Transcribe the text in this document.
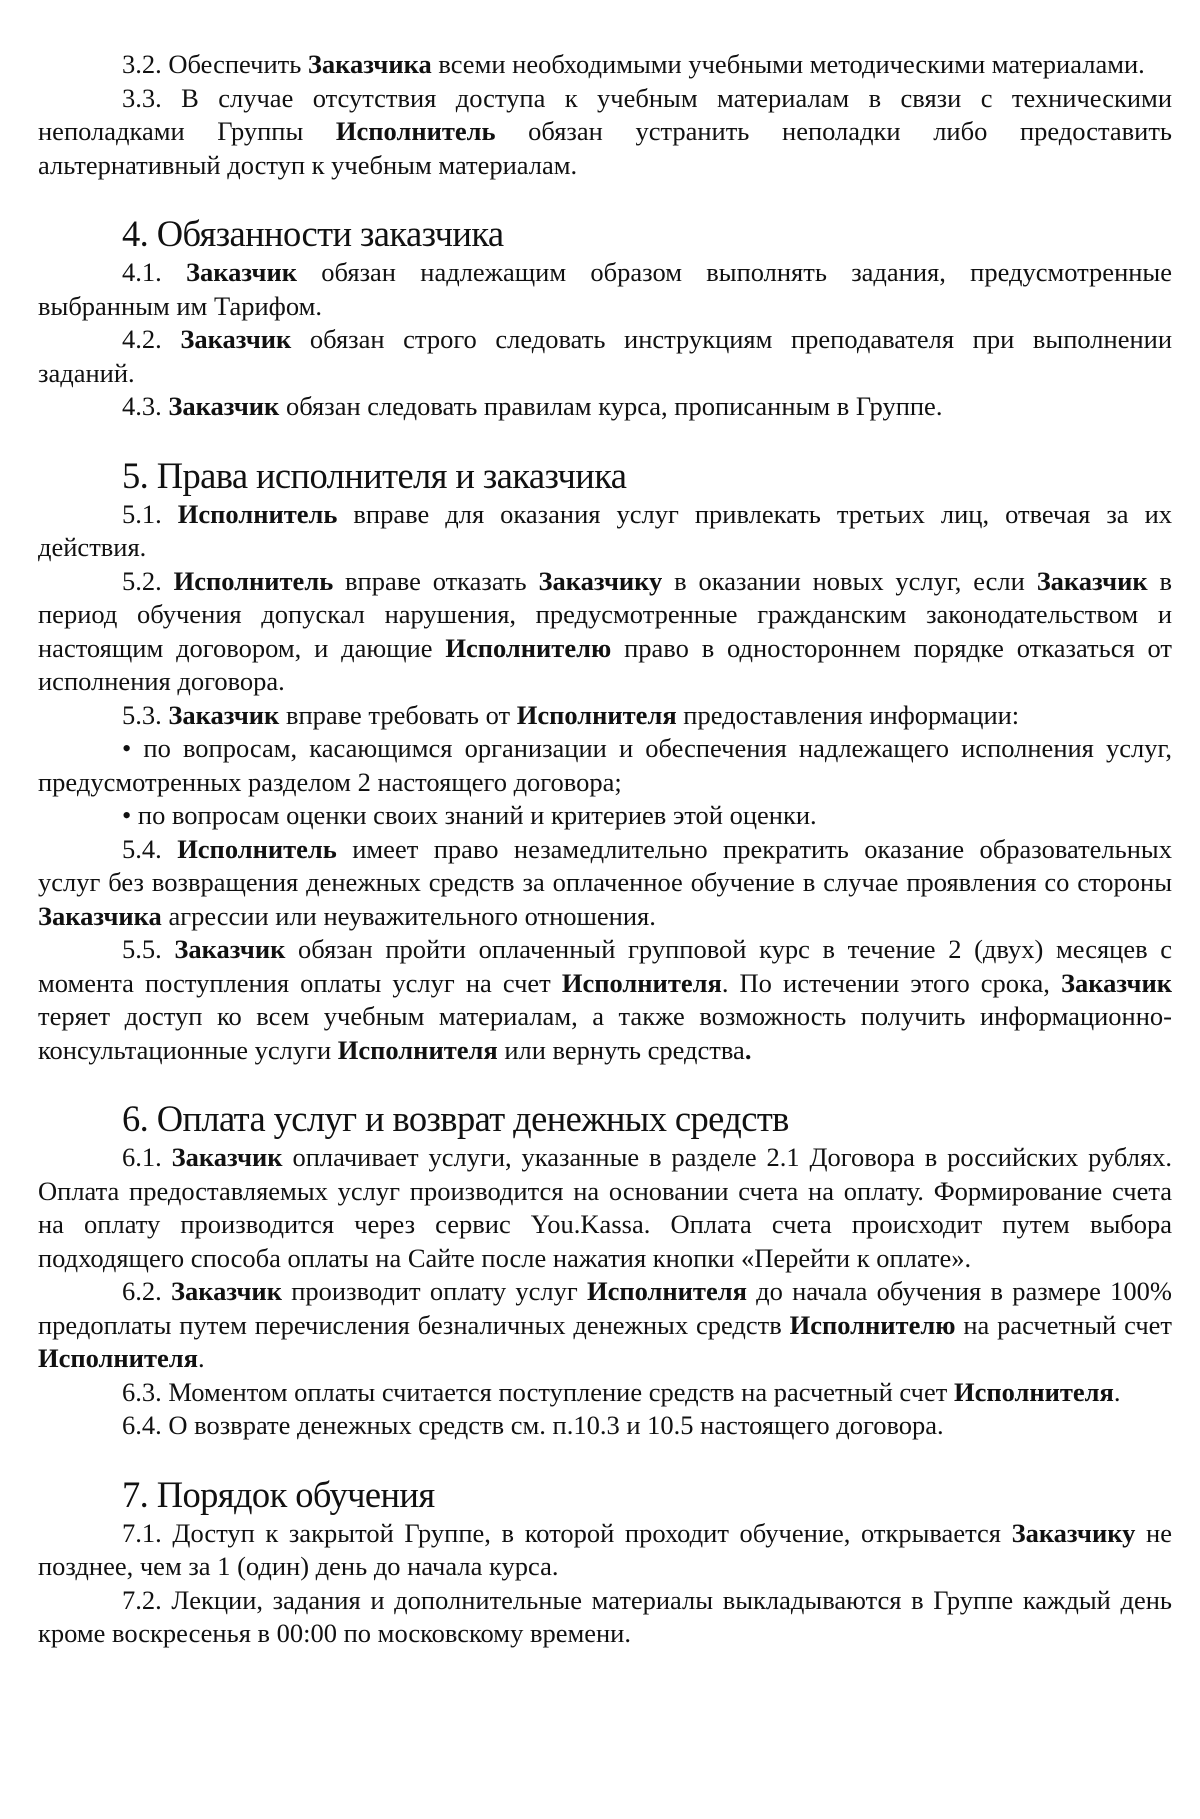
3.2. Обеспечить Заказчика всеми необходимыми учебными методическими материалами.

3.3. В случае отсутствия доступа к учебным материалам в связи с техническими неполадками Группы Исполнитель обязан устранить неполадки либо предоставить альтернативный доступ к учебным материалам.

4. Обязанности заказчика

4.1. Заказчик обязан надлежащим образом выполнять задания, предусмотренные выбранным им Тарифом.

4.2. Заказчик обязан строго следовать инструкциям преподавателя при выполнении заданий.

4.3. Заказчик обязан следовать правилам курса, прописанным в Группе.

5. Права исполнителя и заказчика

5.1. Исполнитель вправе для оказания услуг привлекать третьих лиц, отвечая за их действия.

5.2. Исполнитель вправе отказать Заказчику в оказании новых услуг, если Заказчик в период обучения допускал нарушения, предусмотренные гражданским законодательством и настоящим договором, и дающие Исполнителю право в одностороннем порядке отказаться от исполнения договора.

5.3. Заказчик вправе требовать от Исполнителя предоставления информации:

• по вопросам, касающимся организации и обеспечения надлежащего исполнения услуг, предусмотренных разделом 2 настоящего договора;

• по вопросам оценки своих знаний и критериев этой оценки.

5.4. Исполнитель имеет право незамедлительно прекратить оказание образовательных услуг без возвращения денежных средств за оплаченное обучение в случае проявления со стороны Заказчика агрессии или неуважительного отношения.

5.5. Заказчик обязан пройти оплаченный групповой курс в течение 2 (двух) месяцев с момента поступления оплаты услуг на счет Исполнителя. По истечении этого срока, Заказчик теряет доступ ко всем учебным материалам, а также возможность получить информационно-консультационные услуги Исполнителя или вернуть средства.

6. Оплата услуг и возврат денежных средств

6.1. Заказчик оплачивает услуги, указанные в разделе 2.1 Договора в российских рублях. Оплата предоставляемых услуг производится на основании счета на оплату. Формирование счета на оплату производится через сервис You.Kassa. Оплата счета происходит путем выбора подходящего способа оплаты на Сайте после нажатия кнопки «Перейти к оплате».

6.2. Заказчик производит оплату услуг Исполнителя до начала обучения в размере 100% предоплаты путем перечисления безналичных денежных средств Исполнителю на расчетный счет Исполнителя.

6.3. Моментом оплаты считается поступление средств на расчетный счет Исполнителя.

6.4. О возврате денежных средств см. п.10.3 и 10.5 настоящего договора.

7. Порядок обучения

7.1. Доступ к закрытой Группе, в которой проходит обучение, открывается Заказчику не позднее, чем за 1 (один) день до начала курса.

7.2. Лекции, задания и дополнительные материалы выкладываются в Группе каждый день кроме воскресенья в 00:00 по московскому времени.
